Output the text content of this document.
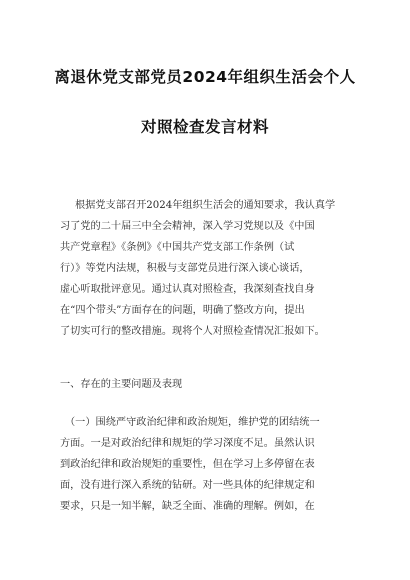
离退休党支部党员2024年组织生活会个人
对照检查发言材料
根据党支部召开2024年组织生活会的通知要求，我认真学
习了党的二十届三中全会精神，深入学习党规以及《中国
共产党章程》《条例》《中国共产党支部工作条例（试
行）》等党内法规，积极与支部党员进行深入谈心谈话，
虚心听取批评意见。通过认真对照检查，我深刻查找自身
在“四个带头”方面存在的问题，明确了整改方向，提出
了切实可行的整改措施。现将个人对照检查情况汇报如下。
一、存在的主要问题及表现
（一）围绕严守政治纪律和政治规矩，维护党的团结统一
方面。一是对政治纪律和规矩的学习深度不足。虽然认识
到政治纪律和政治规矩的重要性，但在学习上多停留在表
面，没有进行深入系统的钻研。对一些具体的纪律规定和
要求，只是一知半解，缺乏全面、准确的理解。例如，在
